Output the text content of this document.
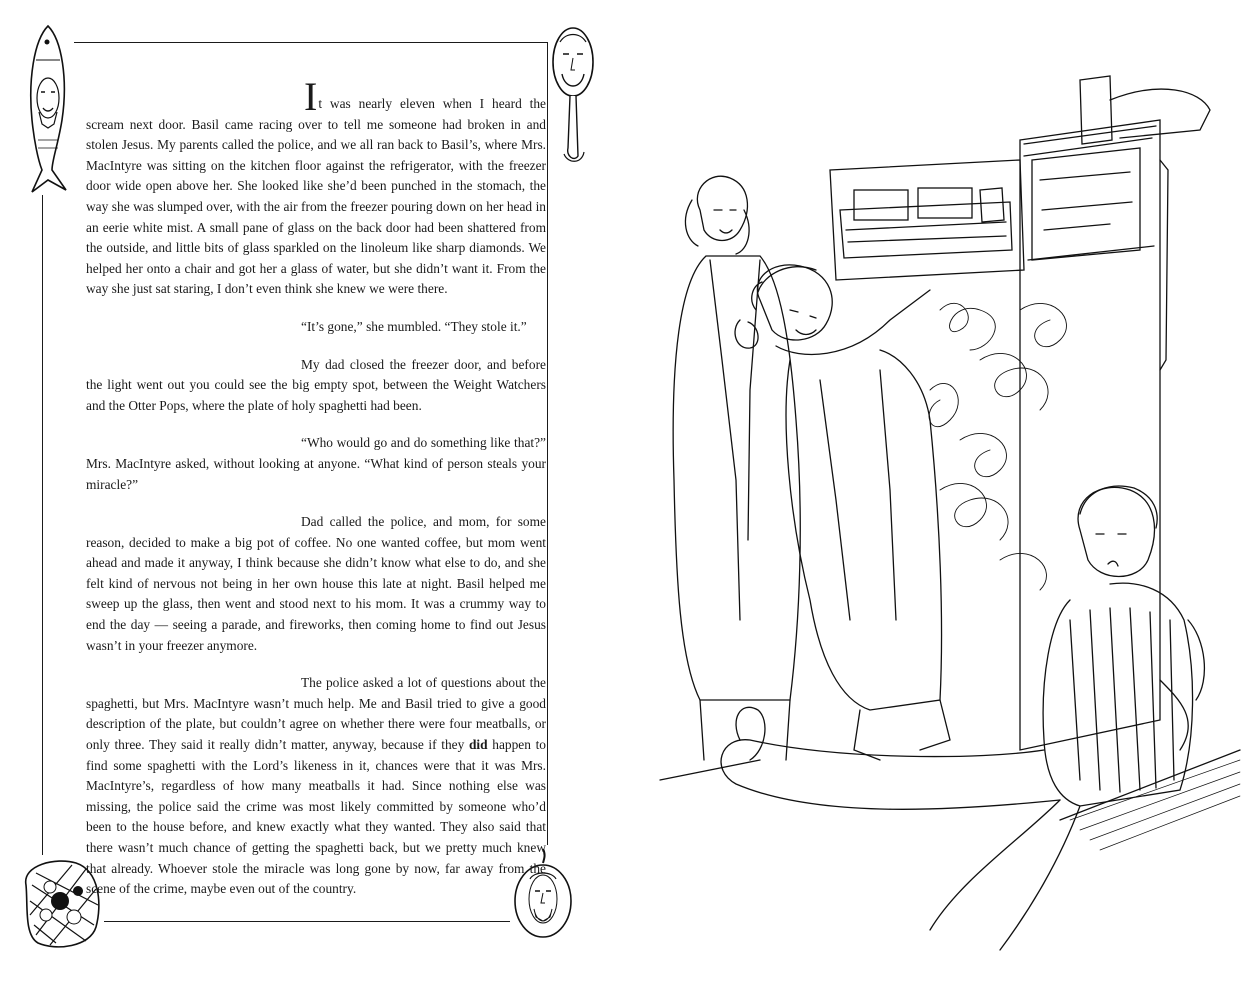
It was nearly eleven when I heard the scream next door. Basil came racing over to tell me someone had broken in and stolen Jesus. My parents called the police, and we all ran back to Basil’s, where Mrs. MacIntyre was sitting on the kitchen floor against the refrigerator, with the freezer door wide open above her. She looked like she’d been punched in the stomach, the way she was slumped over, with the air from the freezer pouring down on her head in an eerie white mist. A small pane of glass on the back door had been shattered from the outside, and little bits of glass sparkled on the linoleum like sharp diamonds. We helped her onto a chair and got her a glass of water, but she didn’t want it. From the way she just sat staring, I don’t even think she knew we were there.

“It’s gone,” she mumbled. “They stole it.”

My dad closed the freezer door, and before the light went out you could see the big empty spot, between the Weight Watchers and the Otter Pops, where the plate of holy spaghetti had been.

“Who would go and do something like that?” Mrs. MacIntyre asked, without looking at anyone. “What kind of person steals your miracle?”

Dad called the police, and mom, for some reason, decided to make a big pot of coffee. No one wanted coffee, but mom went ahead and made it anyway, I think because she didn’t know what else to do, and she felt kind of nervous not being in her own house this late at night. Basil helped me sweep up the glass, then went and stood next to his mom. It was a crummy way to end the day — seeing a parade, and fireworks, then coming home to find out Jesus wasn’t in your freezer anymore.

The police asked a lot of questions about the spaghetti, but Mrs. MacIntyre wasn’t much help. Me and Basil tried to give a good description of the plate, but couldn’t agree on whether there were four meatballs, or only three. They said it really didn’t matter, anyway, because if they did happen to find some spaghetti with the Lord’s likeness in it, chances were that it was Mrs. MacIntyre’s, regardless of how many meatballs it had. Since nothing else was missing, the police said the crime was most likely committed by someone who’d been to the house before, and knew exactly what they wanted. They also said that there wasn’t much chance of getting the spaghetti back, but we pretty much knew that already. Whoever stole the miracle was long gone by now, far away from the scene of the crime, maybe even out of the country.
